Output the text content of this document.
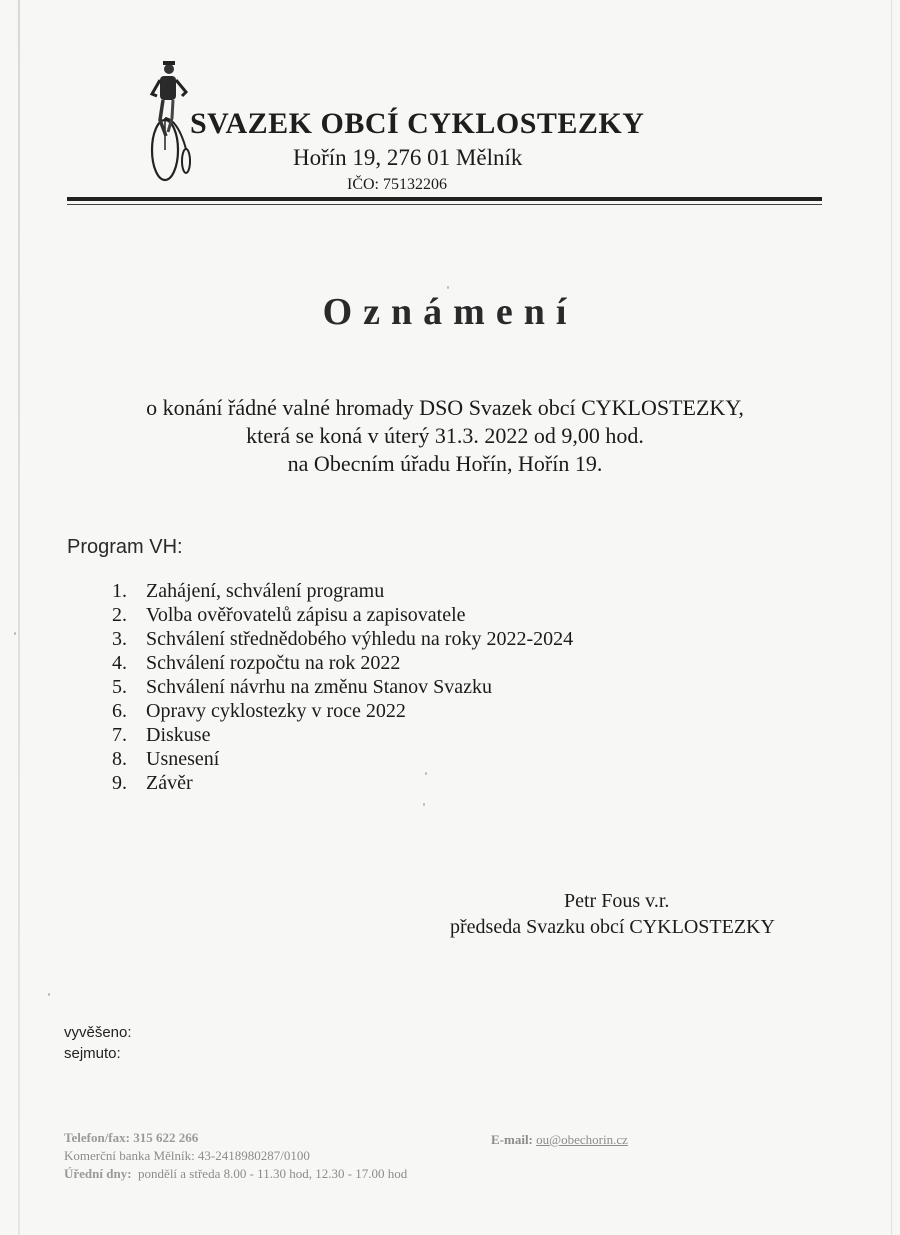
SVAZEK OBCÍ CYKLOSTEZKY
Hořín 19, 276 01 Mělník
IČO: 75132206
Oznámení
o konání řádné valné hromady DSO Svazek obcí CYKLOSTEZKY,
která se koná v úterý 31.3. 2022 od 9,00 hod.
na Obecním úřadu Hořín, Hořín 19.
Program VH:
1. Zahájení, schválení programu
2. Volba ověřovatelů zápisu a zapisovatele
3. Schválení střednědobého výhledu na roky 2022-2024
4. Schválení rozpočtu na rok 2022
5. Schválení návrhu na změnu Stanov Svazku
6. Opravy cyklostezky v roce 2022
7. Diskuse
8. Usnesení
9. Závěr
Petr Fous v.r.
předseda Svazku obcí CYKLOSTEZKY
vyvěšeno:
sejmuto:
Telefon/fax: 315 622 266
Komerční banka Mělník: 43-2418980287/0100
Úřední dny: pondělí a středa 8.00 - 11.30 hod, 12.30 - 17.00 hod
E-mail: ou@obechorin.cz
